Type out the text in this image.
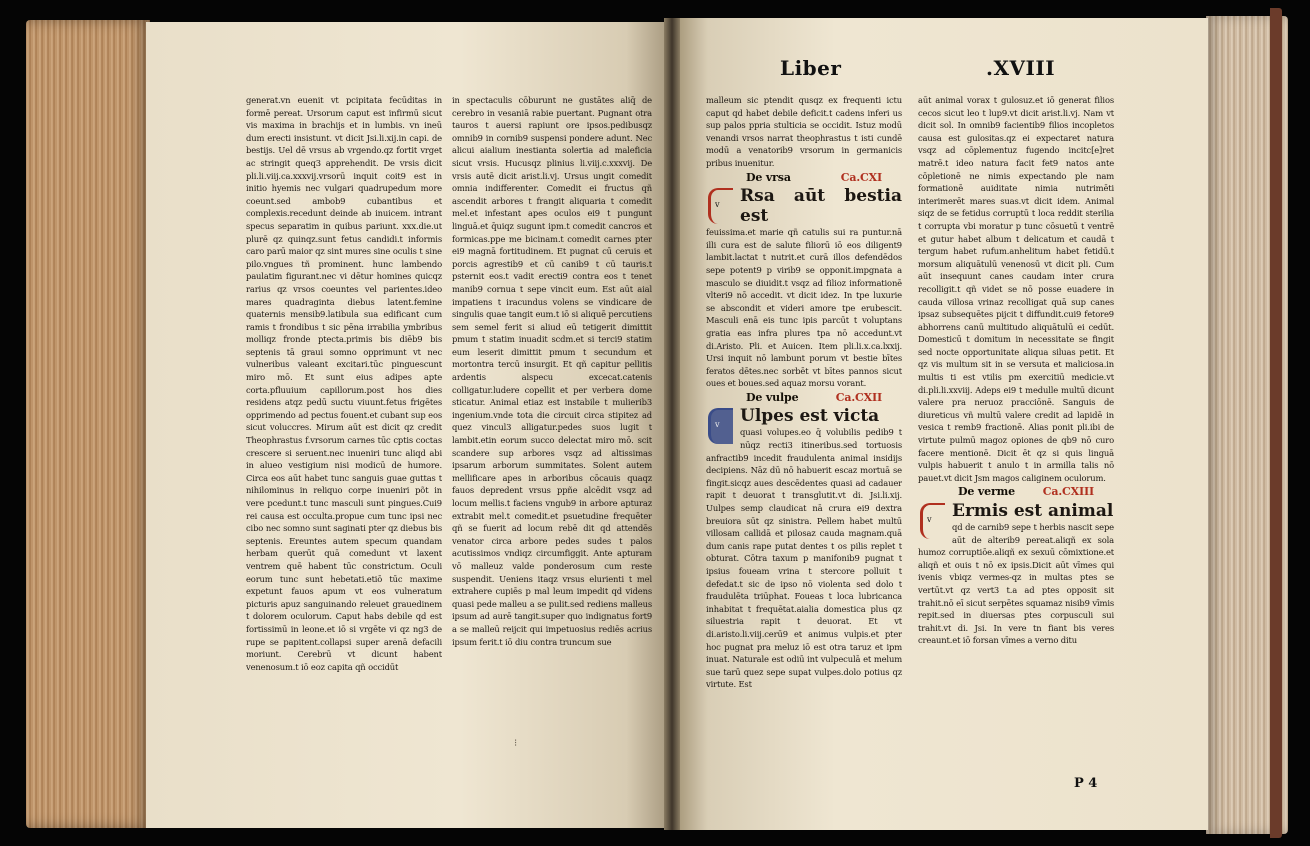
Liber	.XVIII

generat.vn euenit vt pcipitata fecūditas in formē pereat. Ursorum caput est infirmū sicut vis maxima in brachijs et in lumbis. vn ineū dum erecti insistunt. vt dicit Jsi.li.xij.in capi. de bestijs. Uel dē vrsus ab vrgendo.qz fortit vrget ac stringit queq3 apprehendit. De vrsis dicit pli.li.viij.ca.xxxvij.vrsorū inquit coit9 est in initio hyemis nec vulgari quadrupedum more coeunt.sed ambob9 cubantibus et complexis.recedunt deinde ab inuicem. intrant specus separatim in quibus pariunt. xxx.die.ut plurē qz quinqz.sunt fetus candidi.t informis caro parū maior qz sint mures sine oculis t sine pilo.vngues tñ prominent. hunc lambendo paulatim figurant.nec vi dētur homines quicqz rarius qz vrsos coeuntes vel parientes.ideo mares quadraginta diebus latent.femine quaternis mensib9.latibula sua edificant cum ramis t frondibus t sic pēna irrabilia ymbribus molliqz fronde ptecta.primis bis diēb9 bis septenis tā graui somno opprimunt vt nec vulneribus valeant excitari.tūc pinguescunt miro mō. Et sunt eius adipes apte corta.pfluuium capillorum.post hos dies residens atqz pedū suctu viuunt.fetus frigētes opprimendo ad pectus fouent.et cubant sup eos sicut voluccres. Mirum aūt est dicit qz credit Theophrastus f.vrsorum carnes tūc cptis coctas crescere si seruent.nec inueniri tunc aliqd abi in alueo vestigium nisi modicū de humore. Circa eos aūt habet tunc sanguis guae guttas t nihilominus in reliquo corpe inueniri põt in vere pcedunt.t tunc masculi sunt pingues.Cui9 rei causa est occulta.propue cum tunc ipsi nec cibo nec somno sunt saginati pter qz diebus bis septenis. Ereuntes autem specum quandam herbam querūt quā comedunt vt laxent ventrem quē habent tūc constrictum. Oculi eorum tunc sunt hebetati.etiō tūc maxime expetunt fauos apum vt eos vulneratum picturis apuz sanguinando releuet grauedinem t dolorem oculorum. Caput habs debile qd est fortissimū in leone.et iō si vrgēte vi qz ng3 de rupe se papitent.collapsi super arenā defacili moriunt. Cerebrū vt dicunt habent venenosum.t iō eoz capita qñ occidūt

in spectaculis cōburunt ne gustātes aliq̄ de cerebro in vesaniā rabie puertant. Pugnant otra tauros t auersi rapiunt ore ipsos.pedibusqz omnib9 in cornib9 suspensi pondere adunt. Nec alicui aialium inestianta solertia ad maleficia sicut vrsis. Hucusqz plinius li.viij.c.xxxvij. De vrsis autē dicit arist.li.vj. Ursus ungit comedit omnia indifferenter. Comedit ei fructus qñ ascendit arbores t frangit aliquaria t comedit mel.et infestant apes oculos ei9 t pungunt linguā.et q̄uiqz sugunt ipm.t comedit cancros et formicas.ppe me bicinam.t comedit carnes pter ei9 magnā fortitudinem. Et pugnat cū ceruis et porcis agrestib9 et cū canib9 t cū tauris.t psternit eos.t vadit erecti9 contra eos t tenet manib9 cornua t sepe vincit eum. Est aūt aial impatiens t iracundus volens se vindicare de singulis quae tangit eum.t iō si aliquē percutiens sem semel ferit si aliud eū tetigerit dimittit pmum t statim inuadit scdm.et si terci9 statim eum leserit dimittit pmum t secundum et mortontra tercū insurgit. Et qñ capitur pellitis ardentis alspecu excecat.catenis colligatur.ludere copellit et per verbera dome sticatur. Animal etiaz est instabile t mulierib3 ingenium.vnde tota die circuit circa stipitez ad quez vincul3 alligatur.pedes suos lugit t lambit.etin eorum succo delectat miro mō. scit scandere sup arbores vsqz ad altissimas ipsarum arborum summitates. Solent autem mellificare apes in arboribus cōcauis quaqz fauos depredent vrsus ppñe alcēdit vsqz ad locum mellis.t faciens vngub9 in arbore apturaz extrabit mel.t comedit.et psuetudine frequēter qñ se fuerit ad locum rebē dit qd attendēs venator circa arbore pedes sudes t palos acutissimos vndiqz circumfiggit. Ante apturam vō malleuz valde ponderosum cum reste suspendit. Ueniens itaqz vrsus elurienti t mel extrahere cupiēs p mal leum impedit qd videns quasi pede malleu a se pulit.sed rediens malleus ipsum ad aurē tangit.super quo indignatus fort9 a se malleū reijcit qui impetuosius rediēs acrius ipsum ferit.t iō diu contra truncum sue

malleum sic ptendit qusqz ex frequenti ictu caput qd habet debile deficit.t cadens inferi us sup palos ppria stulticia se occidit. Istuz modū venandi vrsos narrat theophrastus t isti cundē modū a venatorib9 vrsorum in germanicis pribus inuenitur.

De vrsa	Ca.CXI
v	Rsa aūt bestia est

feuissima.et marie qñ catulis sui ra puntur.nā illi cura est de salute filiorū iō eos diligent9 lambit.lactat t nutrit.et curā illos defendēdos sepe potent9 p virib9 se opponit.impgnata a masculo se diuidit.t vsqz ad filioz informationē vlteri9 nō accedit. vt dicit idez. In tpe luxurie se abscondit et videri amore tpe erubescit. Masculi enā eis tunc ipis parcūt t voluptans gratia eas infra plures tpa nō accedunt.vt di.Aristo. Pli. et Auicen. Item pli.li.x.ca.lxxij. Ursi inquit nō lambunt porum vt bestie bītes feratos dētes.nec sorbēt vt bītes pannos sicut oues et boues.sed aquaz morsu vorant.

De vulpe	Ca.CXII
v	Ulpes est victa

quasi volupes.eo q̄ volubilis pedib9 t nūqz recti3 itineribus.sed tortuosis anfractib9 incedit fraudulenta animal insidijs decipiens. Nāz dū nō habuerit escaz mortuā se fingit.sicqz aues descēdentes quasi ad cadauer rapit t deuorat t transglutit.vt di. Jsi.li.xij. Uulpes semp claudicat nā crura ei9 dextra breuiora sūt qz sinistra. Pellem habet multū villosam callidā et pilosaz cauda magnam.quā dum canis rape putat dentes t os pilis replet t obturat. Cōtra taxum p manifonib9 pugnat t ipsius foueam vrina t stercore polluit t defedat.t sic de ipso nō violenta sed dolo t fraudulēta triūphat. Foueas t loca lubricanca inhabitat t frequētat.aialia domestica plus qz siluestria rapit t deuorat. Et vt di.aristo.li.viij.cerū9 et animus vulpis.et pter hoc pugnat pra meluz iō est otra taruz et ipm inuat. Naturale est odiū int vulpeculā et melum sue tarū quez sepe supat vulpes.dolo potius qz virtute. Est

aūt animal vorax t gulosuz.et iō generat filios cecos sicut leo t lup9.vt dicit arist.li.vj. Nam vt dicit sol. In omnib9 facientib9 filios incopletos causa est gulositas.qz ei expectaret natura vsqz ad cōplementuz fugendo incitc[e]ret matrē.t ideo natura facit fet9 natos ante cōpletionē ne nimis expectando ple nam formationē auiditate nimia nutrimēti interimerēt mares suas.vt dicit idem. Animal siqz de se fetidus corruptū t loca reddit sterilia t corrupta vbi moratur p tunc cōsuetū t ventrē et gutur habet album t delicatum et caudā t tergum habet rufum.anhelitum habet fetidū.t morsum aliquātulū venenosū vt dicit pli. Cum aūt insequunt canes caudam inter crura recolligit.t qñ videt se nō posse euadere in cauda villosa vrinaz recolligat quā sup canes ipsaz subsequētes pijcit t diffundit.cui9 fetore9 abhorrens canū multitudo aliquātulū ei cedūt. Domesticū t domitum in necessitate se fingit sed nocte opportunitate aliqua siluas petit. Et qz vis multum sit in se versuta et maliciosa.in multis ti est vtilis pm exercitiū medicie.vt di.pli.li.xxviij. Adeps ei9 t medulle multū dicunt valere pra neruoz pracciōnē. Sanguis de diureticus vñ multū valere credit ad lapidē in vesica t remb9 fractionē. Alias ponit pli.ibi de virtute pulmū magoz opiones de qb9 nō curo facere mentionē. Dicit ēt qz si quis linguā vulpis habuerit t anulo t in armilla talis nō pauet.vt dicit Jsm magos caliginem oculorum.

De verme	Ca.CXIII
v	Ermis est animal

qd de carnib9 sepe t herbis nascit sepe aūt de alterib9 pereat.aliqñ ex sola humoz corruptiōe.aliqñ ex sexuū cōmixtione.et aliqñ et ouis t nō ex ipsis.Dicit aūt vīmes qui ivenis vbiqz vermes-qz in multas ptes se vertūt.vt qz vert3 t.a ad ptes opposit sit trahit.nō eī sicut serpētes squamaz nisib9 vīmis repit.sed in diuersas ptes corpusculi sui trahit.vt di. Jsi. In vere tn fiant bis veres creaunt.et iō forsan vīmes a verno ditu

P 4
⁝
